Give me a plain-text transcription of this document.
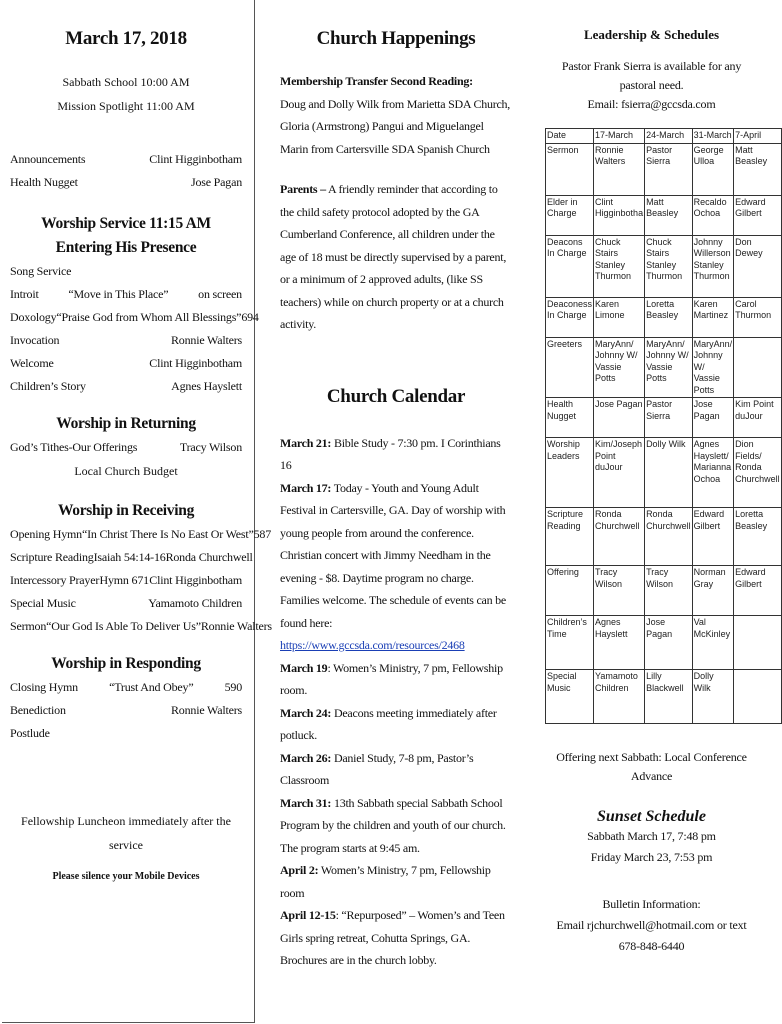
March 17, 2018
Sabbath School 10:00 AM
Mission Spotlight 11:00 AM
Announcements	Clint Higginbotham
Health Nugget	Jose Pagan
Worship Service 11:15 AM
Entering His Presence
Song Service
Introit “Move in This Place” on screen
Doxology “Praise God from Whom All Blessings” 694
Invocation	Ronnie Walters
Welcome	Clint Higginbotham
Children’s Story	Agnes Hayslett
Worship in Returning
God’s Tithes-Our Offerings	Tracy Wilson
Local Church Budget
Worship in Receiving
Opening Hymn “In Christ There Is No East Or West” 587
Scripture Reading Isaiah 54:14-16 Ronda Churchwell
Intercessory Prayer Hymn 671 Clint Higginbotham
Special Music	Yamamoto Children
Sermon “Our God Is Able To Deliver Us” Ronnie Walters
Worship in Responding
Closing Hymn	“Trust And Obey”	590
Benediction	Ronnie Walters
Postlude
Fellowship Luncheon immediately after the service
Please silence your Mobile Devices
Church Happenings
Membership Transfer Second Reading:
Doug and Dolly Wilk from Marietta SDA Church, Gloria (Armstrong) Pangui and Miguelangel Marin from Cartersville SDA Spanish Church
Parents – A friendly reminder that according to the child safety protocol adopted by the GA Cumberland Conference, all children under the age of 18 must be directly supervised by a parent, or a minimum of 2 approved adults, (like SS teachers) while on church property or at a church activity.
Church Calendar
March 21: Bible Study - 7:30 pm. I Corinthians 16
March 17: Today - Youth and Young Adult Festival in Cartersville, GA. Day of worship with young people from around the conference. Christian concert with Jimmy Needham in the evening - $8. Daytime program no charge. Families welcome. The schedule of events can be found here: https://www.gccsda.com/resources/2468
March 19: Women’s Ministry, 7 pm, Fellowship room.
March 24: Deacons meeting immediately after potluck.
March 26: Daniel Study, 7-8 pm, Pastor’s Classroom
March 31: 13th Sabbath special Sabbath School Program by the children and youth of our church. The program starts at 9:45 am.
April 2: Women’s Ministry, 7 pm, Fellowship room
April 12-15: “Repurposed” – Women’s and Teen Girls spring retreat, Cohutta Springs, GA. Brochures are in the church lobby.
Leadership & Schedules
Pastor Frank Sierra is available for any pastoral need.
Email: fsierra@gccsda.com
Date	17-March	24-March	31-March	7-April
Sermon	Ronnie Walters	Pastor Sierra	George Ulloa	Matt Beasley
Elder in Charge	Clint Higginbotha	Matt Beasley	Recaldo Ochoa	Edward Gilbert
Deacons In Charge	Chuck Stairs Stanley Thurmon	Chuck Stairs Stanley Thurmon	Johnny Willerson Stanley Thurmon	Don Dewey
Deaconess In Charge	Karen Limone	Loretta Beasley	Karen Martinez	Carol Thurmon
Greeters	MaryAnn/ Johnny W/ Vassie Potts	MaryAnn/ Johnny W/ Vassie Potts	MaryAnn/ Johnny W/ Vassie Potts	
Health Nugget	Jose Pagan	Pastor Sierra	Jose Pagan	Kim Point duJour
Worship Leaders	Kim/Joseph Point duJour	Dolly Wilk	Agnes Hayslett/ Marianna Ochoa	Dion Fields/ Ronda Churchwell
Scripture Reading	Ronda Churchwell	Ronda Churchwell	Edward Gilbert	Loretta Beasley
Offering	Tracy Wilson	Tracy Wilson	Norman Gray	Edward Gilbert
Children’s Time	Agnes Hayslett	Jose Pagan	Val McKinley	
Special Music	Yamamoto Children	Lilly Blackwell	Dolly Wilk	
Offering next Sabbath: Local Conference Advance
Sunset Schedule
Sabbath March 17, 7:48 pm
Friday March 23, 7:53 pm
Bulletin Information:
Email rjchurchwell@hotmail.com or text 678-848-6440
